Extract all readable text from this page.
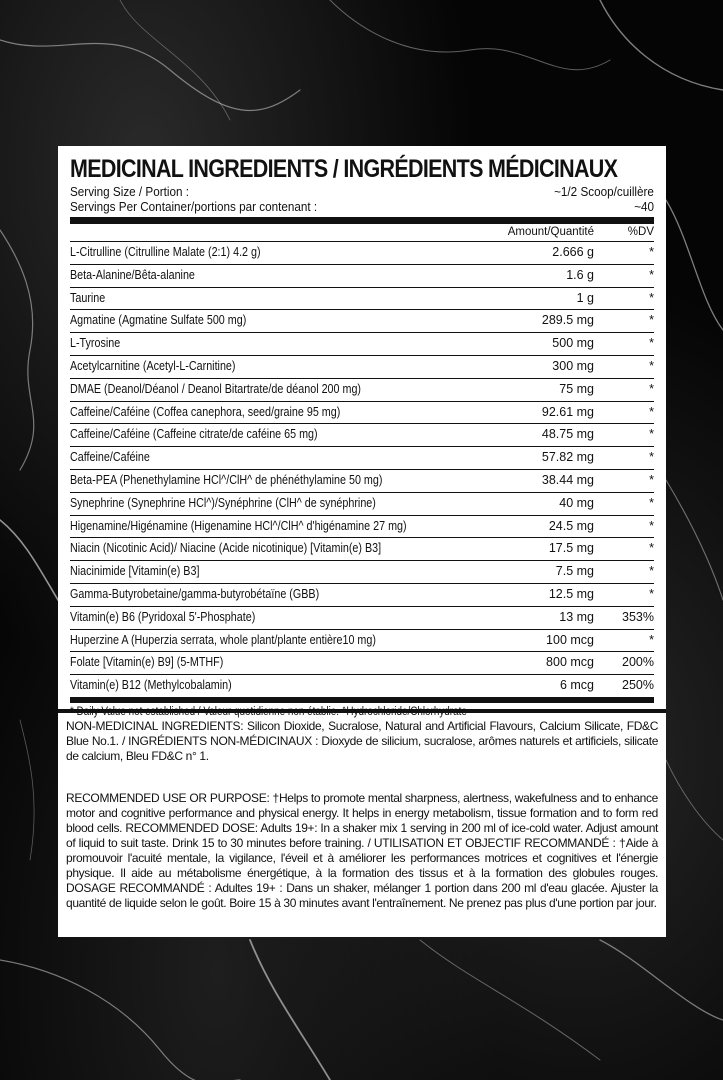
MEDICINAL INGREDIENTS / INGRÉDIENTS MÉDICINAUX
Serving Size / Portion :	~1/2 Scoop/cuillère
Servings Per Container/portions par contenant :	~40
Amount/Quantité	%DV
L-Citrulline (Citrulline Malate (2:1) 4.2 g)	2.666 g	*
Beta-Alanine/Bêta-alanine	1.6 g	*
Taurine	1 g	*
Agmatine (Agmatine Sulfate 500 mg)	289.5 mg	*
L-Tyrosine	500 mg	*
Acetylcarnitine (Acetyl-L-Carnitine)	300 mg	*
DMAE (Deanol/Déanol / Deanol Bitartrate/de déanol 200 mg)	75 mg	*
Caffeine/Caféine (Coffea canephora, seed/graine 95 mg)	92.61 mg	*
Caffeine/Caféine (Caffeine citrate/de caféine 65 mg)	48.75 mg	*
Caffeine/Caféine	57.82 mg	*
Beta-PEA (Phenethylamine HCl^/ClH^ de phénéthylamine 50 mg)	38.44 mg	*
Synephrine (Synephrine HCl^)/Synéphrine (ClH^ de synéphrine)	40 mg	*
Higenamine/Higénamine (Higenamine HCl^/ClH^ d'higénamine 27 mg)	24.5 mg	*
Niacin (Nicotinic Acid)/ Niacine (Acide nicotinique) [Vitamin(e) B3]	17.5 mg	*
Niacinimide [Vitamin(e) B3]	7.5 mg	*
Gamma-Butyrobetaine/gamma-butyrobétaïne (GBB)	12.5 mg	*
Vitamin(e) B6 (Pyridoxal 5'-Phosphate)	13 mg	353%
Huperzine A (Huperzia serrata, whole plant/plante entière10 mg)	100 mcg	*
Folate [Vitamin(e) B9] (5-MTHF)	800 mcg	200%
Vitamin(e) B12 (Methylcobalamin)	6 mcg	250%
* Daily Value not established / Valeur quotidienne non établie. ^Hydrochloride/Chlorhydrate
NON-MEDICINAL INGREDIENTS: Silicon Dioxide, Sucralose, Natural and Artificial Flavours, Calcium Silicate, FD&C Blue No.1. / INGRÉDIENTS NON-MÉDICINAUX : Dioxyde de silicium, sucralose, arômes naturels et artificiels, silicate de calcium, Bleu FD&C n° 1.
RECOMMENDED USE OR PURPOSE: †Helps to promote mental sharpness, alertness, wakefulness and to enhance motor and cognitive performance and physical energy. It helps in energy metabolism, tissue formation and to form red blood cells. RECOMMENDED DOSE: Adults 19+: In a shaker mix 1 serving in 200 ml of ice-cold water. Adjust amount of liquid to suit taste. Drink 15 to 30 minutes before training. / UTILISATION ET OBJECTIF RECOMMANDÉ : †Aide à promouvoir l'acuité mentale, la vigilance, l'éveil et à améliorer les performances motrices et cognitives et l'énergie physique. Il aide au métabolisme énergétique, à la formation des tissus et à la formation des globules rouges. DOSAGE RECOMMANDÉ : Adultes 19+ : Dans un shaker, mélanger 1 portion dans 200 ml d'eau glacée. Ajuster la quantité de liquide selon le goût. Boire 15 à 30 minutes avant l'entraînement. Ne prenez pas plus d'une portion par jour.
